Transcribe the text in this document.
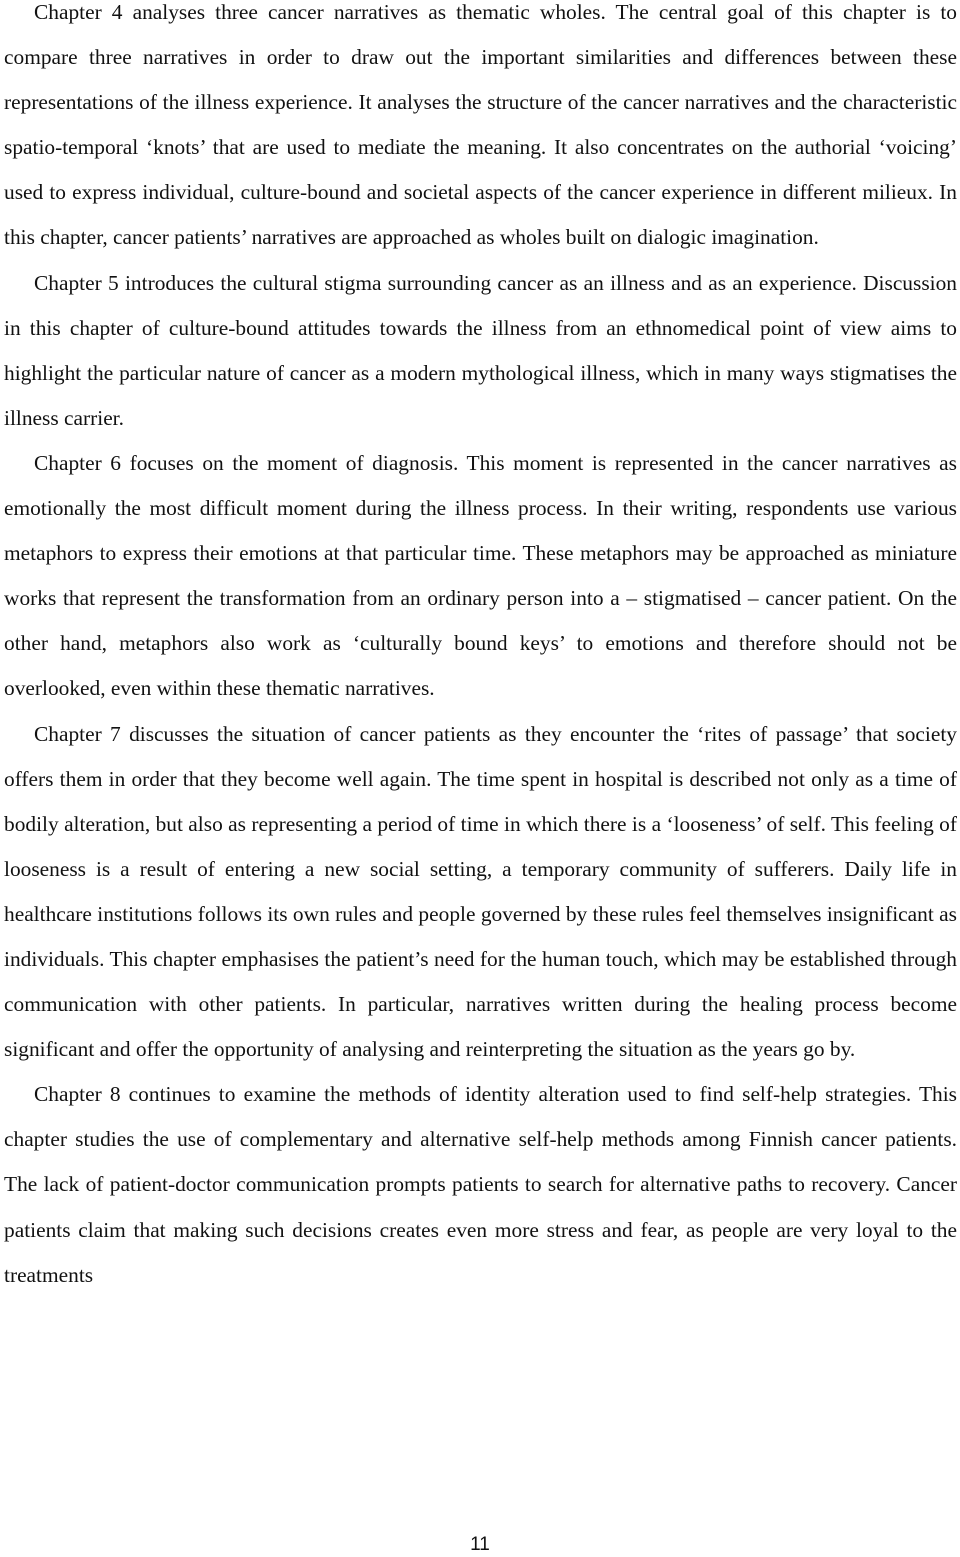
Chapter 4 analyses three cancer narratives as thematic wholes. The central goal of this chapter is to compare three narratives in order to draw out the important similarities and differences between these representations of the illness experience. It analyses the structure of the cancer narratives and the characteristic spatio-temporal ‘knots’ that are used to mediate the meaning. It also concentrates on the authorial ‘voicing’ used to express individual, culture-bound and societal aspects of the cancer experience in different milieux. In this chapter, cancer patients’ narratives are approached as wholes built on dialogic imagination.

Chapter 5 introduces the cultural stigma surrounding cancer as an illness and as an experience. Discussion in this chapter of culture-bound attitudes towards the illness from an ethnomedical point of view aims to highlight the particular nature of cancer as a modern mythological illness, which in many ways stigmatises the illness carrier.

Chapter 6 focuses on the moment of diagnosis. This moment is represented in the cancer narratives as emotionally the most difficult moment during the illness process. In their writing, respondents use various metaphors to express their emotions at that particular time. These metaphors may be approached as miniature works that represent the transformation from an ordinary person into a – stigmatised – cancer patient. On the other hand, metaphors also work as ‘culturally bound keys’ to emotions and therefore should not be overlooked, even within these thematic narratives.

Chapter 7 discusses the situation of cancer patients as they encounter the ‘rites of passage’ that society offers them in order that they become well again. The time spent in hospital is described not only as a time of bodily alteration, but also as representing a period of time in which there is a ‘looseness’ of self. This feeling of looseness is a result of entering a new social setting, a temporary community of sufferers. Daily life in healthcare institutions follows its own rules and people governed by these rules feel themselves insignificant as individuals. This chapter emphasises the patient’s need for the human touch, which may be established through communication with other patients. In particular, narratives written during the healing process become significant and offer the opportunity of analysing and reinterpreting the situation as the years go by.

Chapter 8 continues to examine the methods of identity alteration used to find self-help strategies. This chapter studies the use of complementary and alternative self-help methods among Finnish cancer patients. The lack of patient-doctor communication prompts patients to search for alternative paths to recovery. Cancer patients claim that making such decisions creates even more stress and fear, as people are very loyal to the treatments

11
